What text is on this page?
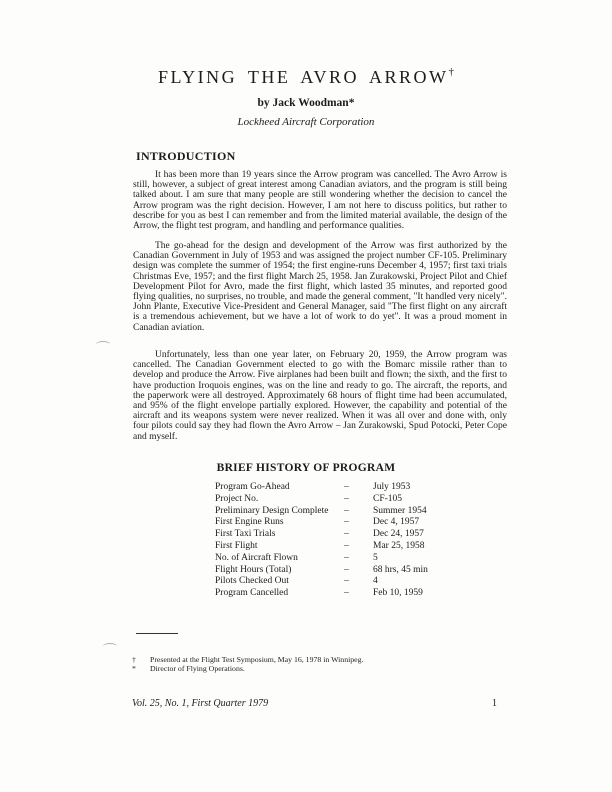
FLYING THE AVRO ARROW†
by Jack Woodman*
Lockheed Aircraft Corporation
INTRODUCTION

It has been more than 19 years since the Arrow program was cancelled. The Avro Arrow is still, however, a subject of great interest among Canadian aviators, and the program is still being talked about. I am sure that many people are still wondering whether the decision to cancel the Arrow program was the right decision. However, I am not here to discuss politics, but rather to describe for you as best I can remember and from the limited material available, the design of the Arrow, the flight test program, and handling and performance qualities.

The go-ahead for the design and development of the Arrow was first authorized by the Canadian Government in July of 1953 and was assigned the project number CF-105. Preliminary design was complete the summer of 1954; the first engine-runs December 4, 1957; first taxi trials Christmas Eve, 1957; and the first flight March 25, 1958. Jan Zurakowski, Project Pilot and Chief Development Pilot for Avro, made the first flight, which lasted 35 minutes, and reported good flying qualities, no surprises, no trouble, and made the general comment, "It handled very nicely". John Plante, Executive Vice-President and General Manager, said "The first flight on any aircraft is a tremendous achievement, but we have a lot of work to do yet". It was a proud moment in Canadian aviation.

Unfortunately, less than one year later, on February 20, 1959, the Arrow program was cancelled. The Canadian Government elected to go with the Bomarc missile rather than to develop and produce the Arrow. Five airplanes had been built and flown; the sixth, and the first to have production Iroquois engines, was on the line and ready to go. The aircraft, the reports, and the paperwork were all destroyed. Approximately 68 hours of flight time had been accumulated, and 95% of the flight envelope partially explored. However, the capability and potential of the aircraft and its weapons system were never realized. When it was all over and done with, only four pilots could say they had flown the Avro Arrow – Jan Zurakowski, Spud Potocki, Peter Cope and myself.

BRIEF HISTORY OF PROGRAM
Program Go-Ahead	–	July 1953
Project No.	–	CF-105
Preliminary Design Complete	–	Summer 1954
First Engine Runs	–	Dec 4, 1957
First Taxi Trials	–	Dec 24, 1957
First Flight	–	Mar 25, 1958
No. of Aircraft Flown	–	5
Flight Hours (Total)	–	68 hrs, 45 min
Pilots Checked Out	–	4
Program Cancelled	–	Feb 10, 1959
† Presented at the Flight Test Symposium, May 16, 1978 in Winnipeg.
* Director of Flying Operations.
Vol. 25, No. 1, First Quarter 1979	1
